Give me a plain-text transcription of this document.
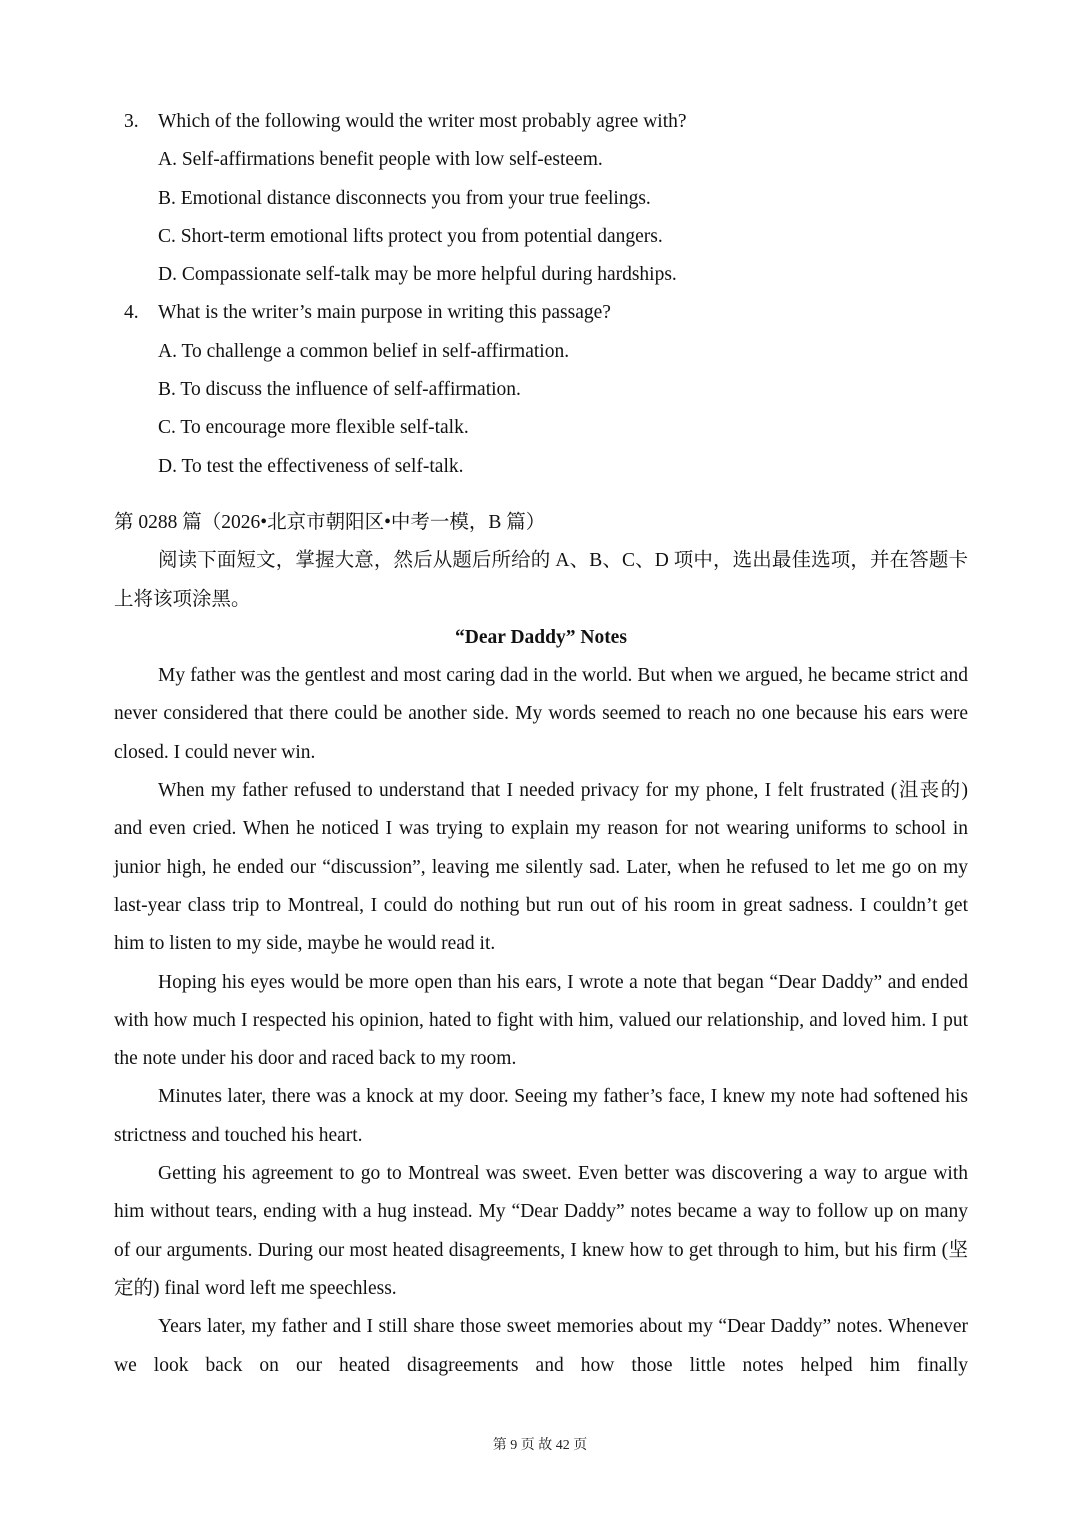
3. Which of the following would the writer most probably agree with?
A. Self-affirmations benefit people with low self-esteem.
B. Emotional distance disconnects you from your true feelings.
C. Short-term emotional lifts protect you from potential dangers.
D. Compassionate self-talk may be more helpful during hardships.
4. What is the writer’s main purpose in writing this passage?
A. To challenge a common belief in self-affirmation.
B. To discuss the influence of self-affirmation.
C. To encourage more flexible self-talk.
D. To test the effectiveness of self-talk.
第 0288 篇（2026•北京市朝阳区•中考一模，B 篇）

阅读下面短文，掌握大意，然后从题后所给的 A、B、C、D 项中，选出最佳选项，并在答题卡上将该项涂黑。

“Dear Daddy” Notes

My father was the gentlest and most caring dad in the world. But when we argued, he became strict and never considered that there could be another side. My words seemed to reach no one because his ears were closed. I could never win.

When my father refused to understand that I needed privacy for my phone, I felt frustrated (沮丧的) and even cried. When he noticed I was trying to explain my reason for not wearing uniforms to school in junior high, he ended our “discussion”, leaving me silently sad. Later, when he refused to let me go on my last-year class trip to Montreal, I could do nothing but run out of his room in great sadness. I couldn’t get him to listen to my side, maybe he would read it.

Hoping his eyes would be more open than his ears, I wrote a note that began “Dear Daddy” and ended with how much I respected his opinion, hated to fight with him, valued our relationship, and loved him. I put the note under his door and raced back to my room.

Minutes later, there was a knock at my door. Seeing my father’s face, I knew my note had softened his strictness and touched his heart.

Getting his agreement to go to Montreal was sweet. Even better was discovering a way to argue with him without tears, ending with a hug instead. My “Dear Daddy” notes became a way to follow up on many of our arguments. During our most heated disagreements, I knew how to get through to him, but his firm (坚定的) final word left me speechless.

Years later, my father and I still share those sweet memories about my “Dear Daddy” notes. Whenever we look back on our heated disagreements and how those little notes helped him finally

第 9 页 故 42 页
